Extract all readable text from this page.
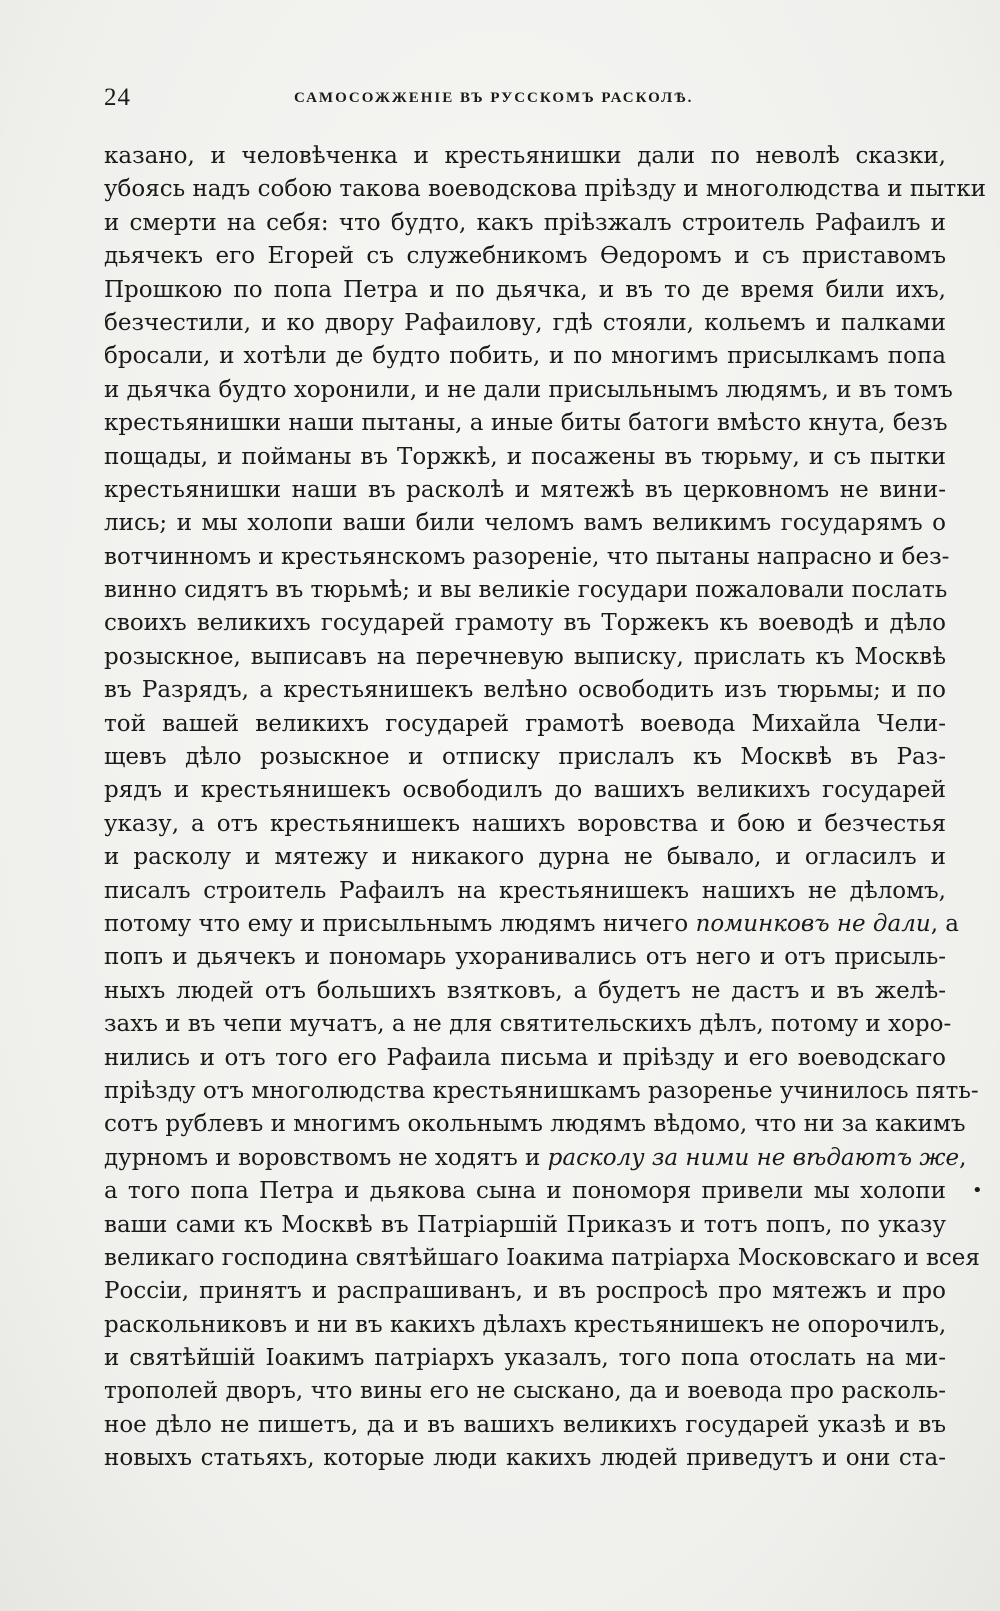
24	САМОСОЖЖЕНІЕ ВЪ РУССКОМЪ РАСКОЛѢ.
казано, и человѣченка и крестьянишки дали по неволѣ сказки,
убоясь надъ собою такова воеводскова пріѣзду и многолюдства и пытки
и смерти на себя: что будто, какъ пріѣзжалъ строитель Рафаилъ и
дьячекъ его Егорей съ служебникомъ Өедоромъ и съ приставомъ
Прошкою по попа Петра и по дьячка, и въ то де время били ихъ,
безчестили, и ко двору Рафаилову, гдѣ стояли, кольемъ и палками
бросали, и хотѣли де будто побить, и по многимъ присылкамъ попа
и дьячка будто хоронили, и не дали присыльнымъ людямъ, и въ томъ
крестьянишки наши пытаны, а иные биты батоги вмѣсто кнута, безъ
пощады, и пойманы въ Торжкѣ, и посажены въ тюрьму, и съ пытки
крестьянишки наши въ расколѣ и мятежѣ въ церковномъ не вини-
лись; и мы холопи ваши били челомъ вамъ великимъ государямъ о
вотчинномъ и крестьянскомъ разореніе, что пытаны напрасно и без-
винно сидятъ въ тюрьмѣ; и вы великіе государи пожаловали послать
своихъ великихъ государей грамоту въ Торжекъ къ воеводѣ и дѣло
розыскное, выписавъ на перечневую выписку, прислать къ Москвѣ
въ Разрядъ, а крестьянишекъ велѣно освободить изъ тюрьмы; и по
той вашей великихъ государей грамотѣ воевода Михайла Чели-
щевъ дѣло розыскное и отписку прислалъ къ Москвѣ въ Раз-
рядъ и крестьянишекъ освободилъ до вашихъ великихъ государей
указу, а отъ крестьянишекъ нашихъ воровства и бою и безчестья
и расколу и мятежу и никакого дурна не бывало, и огласилъ и
писалъ строитель Рафаилъ на крестьянишекъ нашихъ не дѣломъ,
потому что ему и присыльнымъ людямъ ничего поминковъ не дали, а
попъ и дьячекъ и пономарь ухоранивались отъ него и отъ присыль-
ныхъ людей отъ большихъ взятковъ, а будетъ не дастъ и въ желѣ-
захъ и въ чепи мучатъ, а не для святительскихъ дѣлъ, потому и хоро-
нились и отъ того его Рафаила письма и пріѣзду и его воеводскаго
пріѣзду отъ многолюдства крестьянишкамъ разоренье учинилось пять-
сотъ рублевъ и многимъ окольнымъ людямъ вѣдомо, что ни за какимъ
дурномъ и воровствомъ не ходятъ и расколу за ними не вѣдаютъ же,
а того попа Петра и дьякова сына и пономоря привели мы холопи
ваши сами къ Москвѣ въ Патріаршій Приказъ и тотъ попъ, по указу
великаго господина святѣйшаго Іоакима патріарха Московскаго и всея
Россіи, принятъ и распрашиванъ, и въ роспросѣ про мятежъ и про
раскольниковъ и ни въ какихъ дѣлахъ крестьянишекъ не опорочилъ,
и святѣйшій Іоакимъ патріархъ указалъ, того попа отослать на ми-
трополей дворъ, что вины его не сыскано, да и воевода про расколь-
ное дѣло не пишетъ, да и въ вашихъ великихъ государей указѣ и въ
новыхъ статьяхъ, которые люди какихъ людей приведутъ и они ста-
•
